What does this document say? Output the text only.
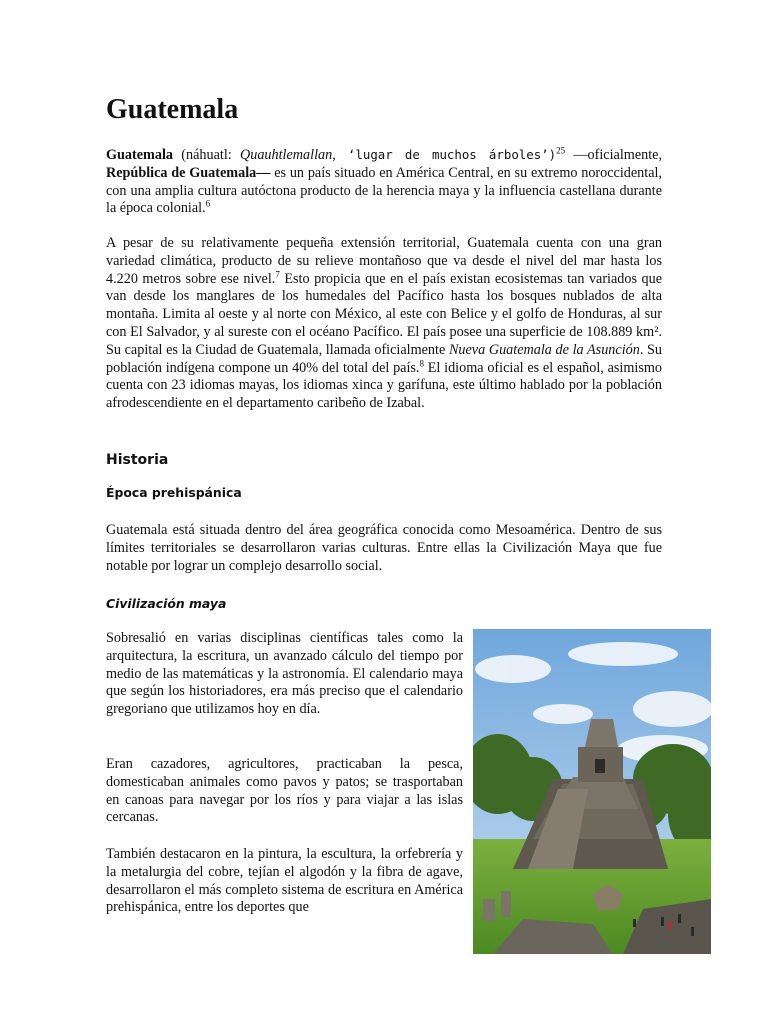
Guatemala

Guatemala (náhuatl: Quauhtlemallan, ‘lugar de muchos árboles’)$^{25}$ —oficialmente, República de Guatemala— es un país situado en América Central, en su extremo noroccidental, con una amplia cultura autóctona producto de la herencia maya y la influencia castellana durante la época colonial.$^6$

A pesar de su relativamente pequeña extensión territorial, Guatemala cuenta con una gran variedad climática, producto de su relieve montañoso que va desde el nivel del mar hasta los 4.220 metros sobre ese nivel.$^7$ Esto propicia que en el país existan ecosistemas tan variados que van desde los manglares de los humedales del Pacífico hasta los bosques nublados de alta montaña. Limita al oeste y al norte con México, al este con Belice y el golfo de Honduras, al sur con El Salvador, y al sureste con el océano Pacífico. El país posee una superficie de 108.889 km². Su capital es la Ciudad de Guatemala, llamada oficialmente Nueva Guatemala de la Asunción. Su población indígena compone un 40% del total del país.$^8$ El idioma oficial es el español, asimismo cuenta con 23 idiomas mayas, los idiomas xinca y garífuna, este último hablado por la población afrodescendiente en el departamento caribeño de Izabal.

Historia
Época prehispánica

Guatemala está situada dentro del área geográfica conocida como Mesoamérica. Dentro de sus límites territoriales se desarrollaron varias culturas. Entre ellas la Civilización Maya que fue notable por lograr un complejo desarrollo social.

Civilización maya

Sobresalió en varias disciplinas científicas tales como la arquitectura, la escritura, un avanzado cálculo del tiempo por medio de las matemáticas y la astronomía. El calendario maya que según los historiadores, era más preciso que el calendario gregoriano que utilizamos hoy en día.

Eran cazadores, agricultores, practicaban la pesca, domesticaban animales como pavos y patos; se trasportaban en canoas para navegar por los ríos y para viajar a las islas cercanas.

También destacaron en la pintura, la escultura, la orfebrería y la metalurgia del cobre, tejían el algodón y la fibra de agave, desarrollaron el más completo sistema de escritura en América prehispánica, entre los deportes que
